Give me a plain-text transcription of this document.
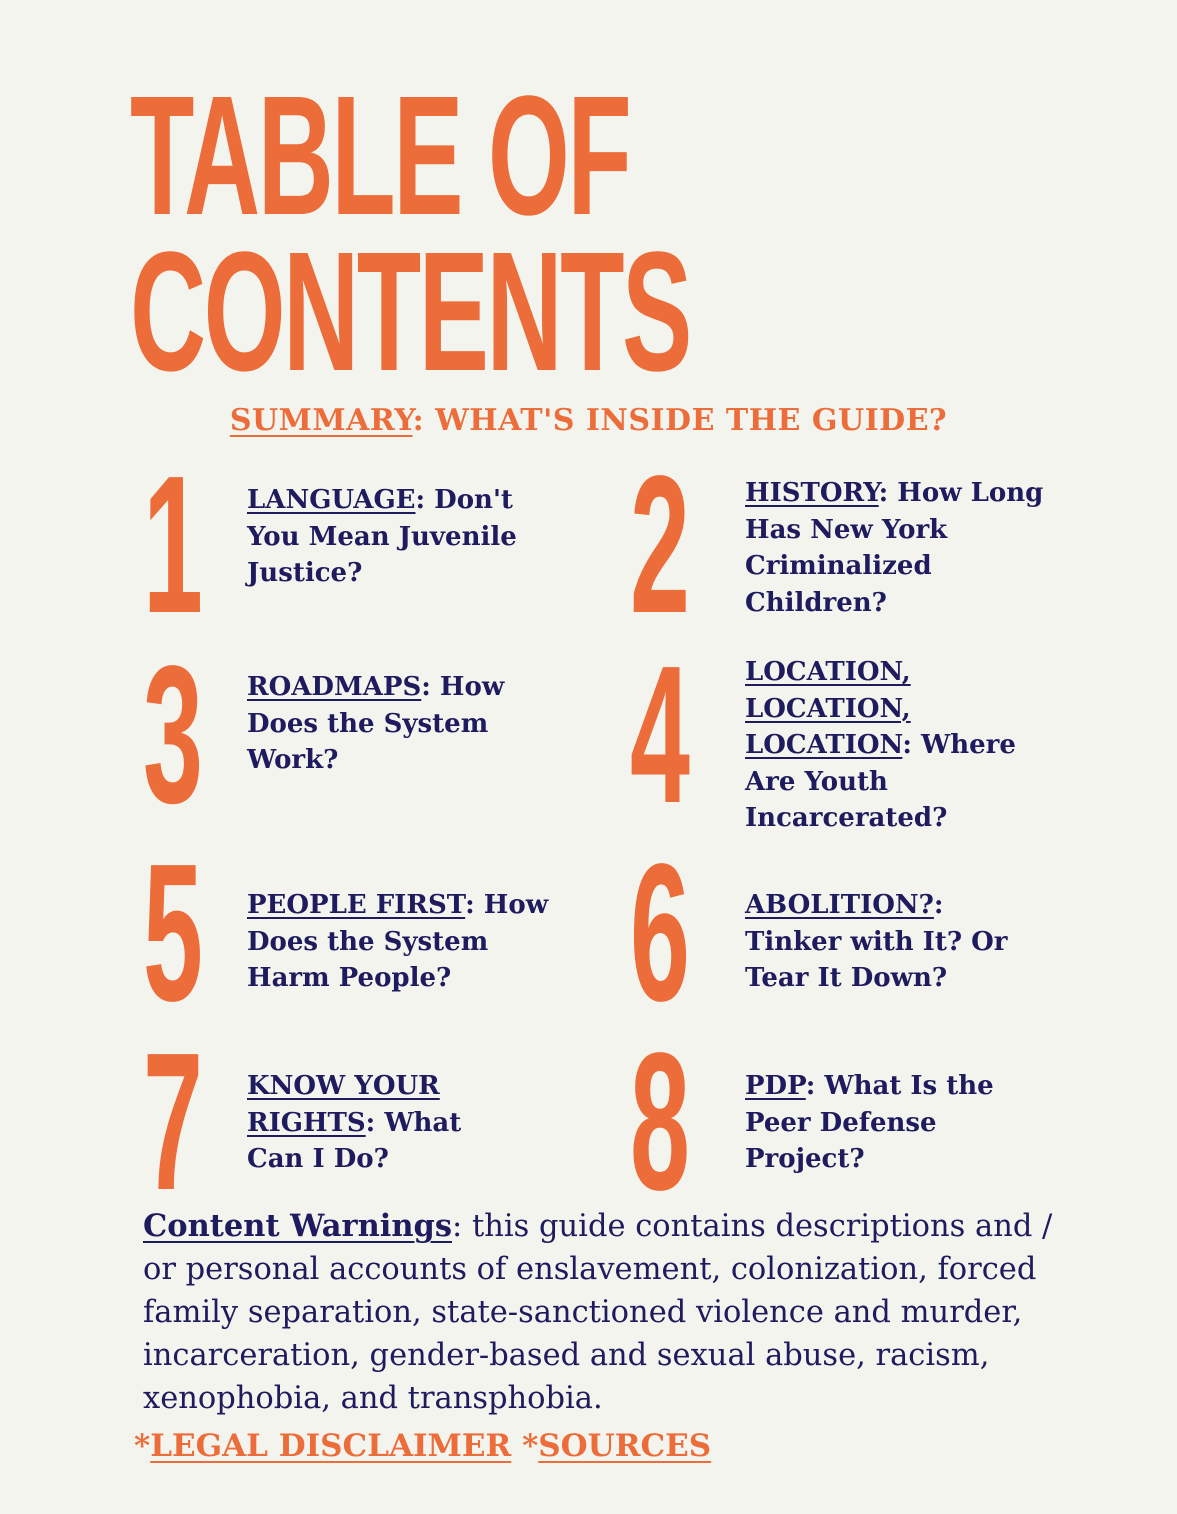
TABLE OF
CONTENTS
SUMMARY: WHAT'S INSIDE THE GUIDE?
1 LANGUAGE: Don't You Mean Juvenile Justice?	2 HISTORY: How Long Has New York Criminalized Children?
3 ROADMAPS: How Does the System Work?	4 LOCATION, LOCATION, LOCATION: Where Are Youth Incarcerated?
5 PEOPLE FIRST: How Does the System Harm People? 6 ABOLITION?: Tinker with It? Or Tear It Down?
7 KNOW YOUR RIGHTS: What Can I Do?	8 PDP: What Is the Peer Defense Project?

Content Warnings: this guide contains descriptions and / or personal accounts of enslavement, colonization, forced family separation, state-sanctioned violence and murder, incarceration, gender-based and sexual abuse, racism, xenophobia, and transphobia.

*LEGAL DISCLAIMER *SOURCES
